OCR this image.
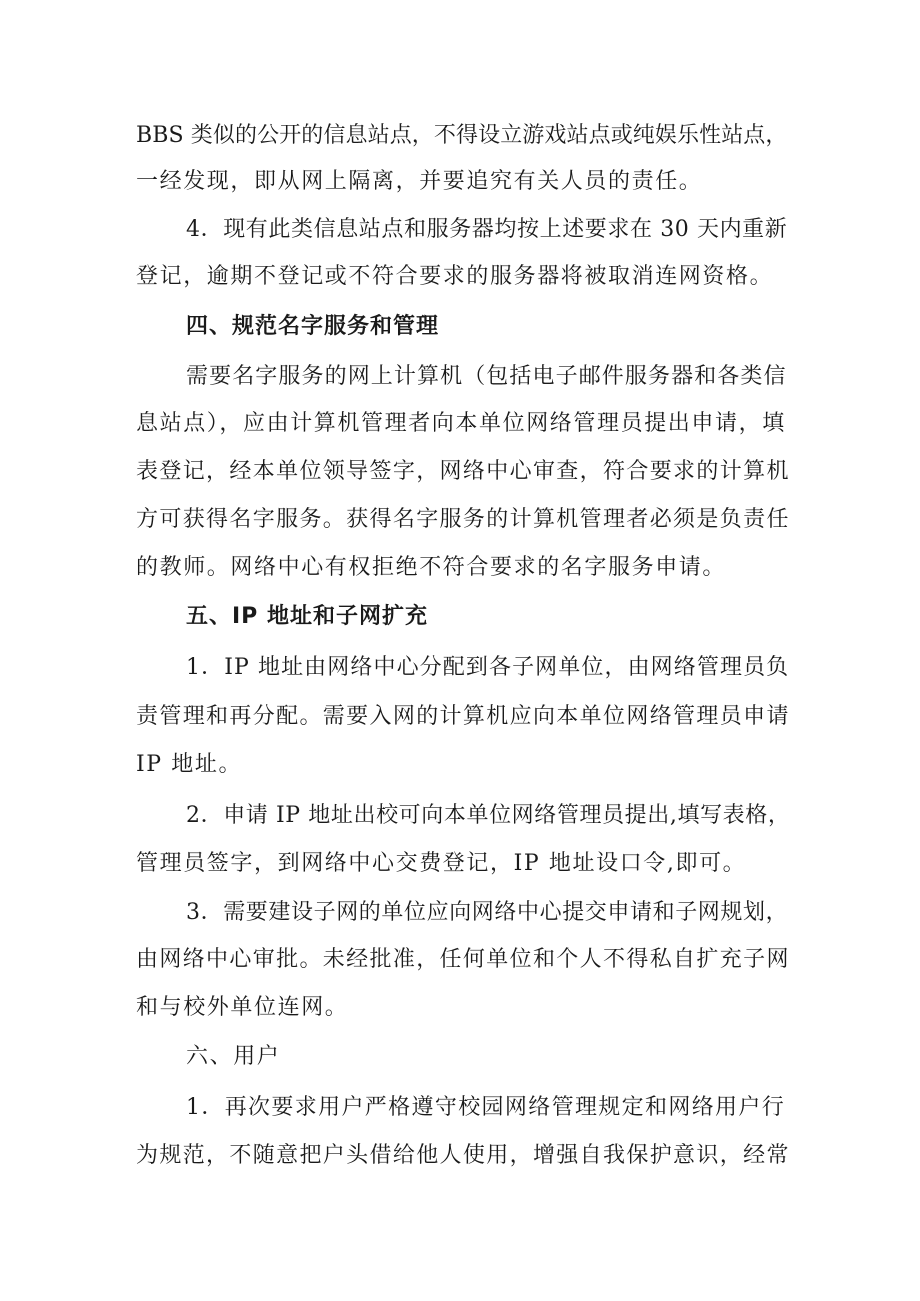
BBS 类似的公开的信息站点，不得设立游戏站点或纯娱乐性站点，
一经发现，即从网上隔离，并要追究有关人员的责任。
4．现有此类信息站点和服务器均按上述要求在 30 天内重新
登记，逾期不登记或不符合要求的服务器将被取消连网资格。
四、规范名字服务和管理
需要名字服务的网上计算机（包括电子邮件服务器和各类信
息站点），应由计算机管理者向本单位网络管理员提出申请，填
表登记，经本单位领导签字，网络中心审查，符合要求的计算机
方可获得名字服务。获得名字服务的计算机管理者必须是负责任
的教师。网络中心有权拒绝不符合要求的名字服务申请。
五、IP 地址和子网扩充
1．IP 地址由网络中心分配到各子网单位，由网络管理员负
责管理和再分配。需要入网的计算机应向本单位网络管理员申请
IP 地址。
2．申请 IP 地址出校可向本单位网络管理员提出,填写表格，
管理员签字，到网络中心交费登记，IP 地址设口令,即可。
3．需要建设子网的单位应向网络中心提交申请和子网规划，
由网络中心审批。未经批准，任何单位和个人不得私自扩充子网
和与校外单位连网。
六、用户
1．再次要求用户严格遵守校园网络管理规定和网络用户行
为规范，不随意把户头借给他人使用，增强自我保护意识，经常
